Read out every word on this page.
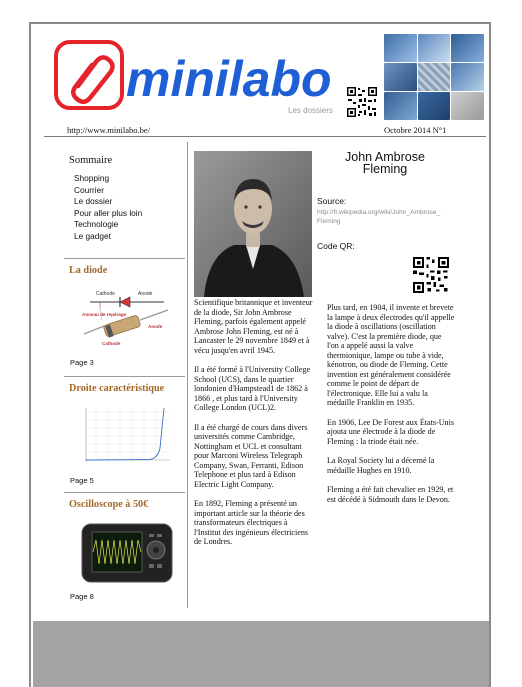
minilabo
Les dossiers
http://www.minilabo.be/	Octobre 2014 N°1
Sommaire
Shopping
Courrier
Le dossier
Pour aller plus loin
Technologie
Le gadget
La diode
Cathode	Anode
Anneau de repérage
Anode
Cathode
Page 3
Droite caractéristique
Page 5
Oscilloscope à 50€
Page 8

Scientifique britannique et inventeur de la diode, Sir John Ambrose Fleming, parfois également appelé Ambrose John Fleming, est né à Lancaster le 29 novembre 1849 et à vécu jusqu'en avril 1945.

Il a été formé à l'University College School (UCS), dans le quartier londonien d'Hampstead1 de 1862 à 1866 , et plus tard à l'University College London (UCL)2.

Il a été chargé de cours dans divers universités comme Cambridge, Nottingham et UCL et consultant pour Marconi Wireless Telegraph Company, Swan, Ferranti, Edison Telephone et plus tard à Edison Electric Light Company.

En 1892, Fleming a présenté un important article sur la théorie des transformateurs électriques à l'Institut des ingénieurs électriciens de Londres.

John Ambrose Fleming
Source:
http://fr.wikipedia.org/wiki/John_Ambrose_Fleming
Code QR:

Plus tard, en 1904, il invente et brevete la lampe à deux électrodes qu'il appelle la diode à oscillations (oscillation valve). C'est la première diode, que l'on a appelé aussi la valve thermionique, lampe ou tube à vide, kénotron, ou diode de Fleming. Cette invention est généralement considérée comme le point de départ de l'électronique. Elle lui a valu la médaille Franklin en 1935.

En 1906, Lee De Forest aux États-Unis ajouta une électrode à la diode de Fleming : la triode était née.

La Royal Society lui a décerné la médaille Hughes en 1910.

Fleming a été fait chevalier en 1929, et est décédé à Sidmouth dans le Devon.
